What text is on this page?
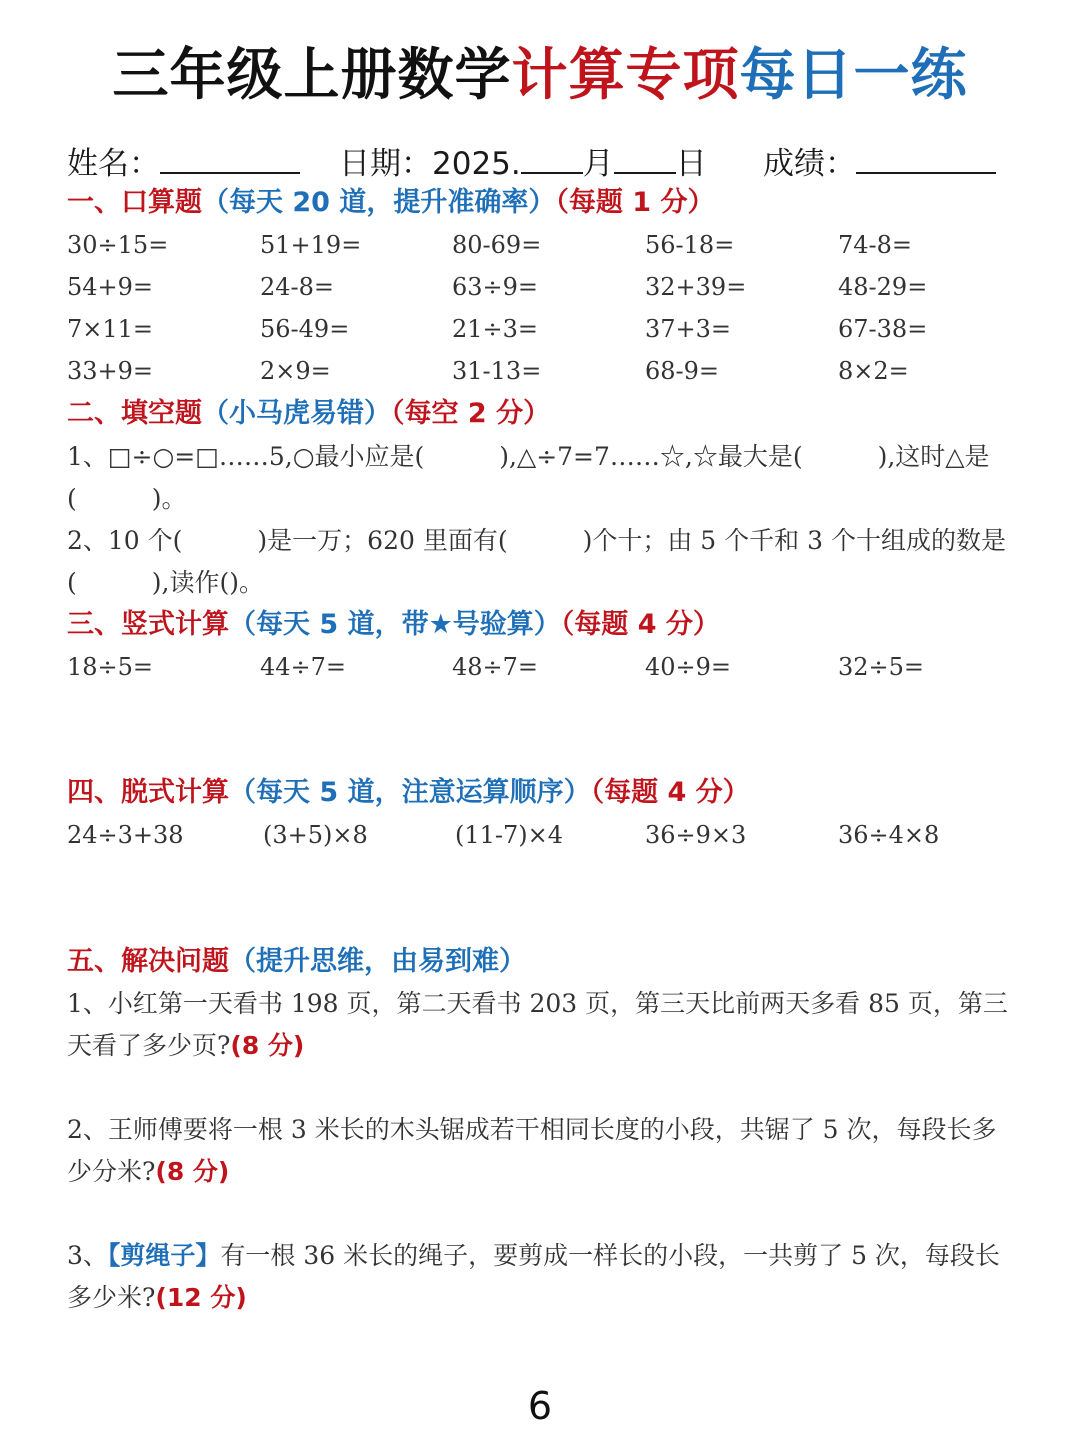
三年级上册数学计算专项每日一练
姓名：	日期：2025. 月 日 成绩：
一、口算题（每天 20 道，提升准确率）（每题 1 分）
30÷15=	51+19=	80-69=	56-18=	74-8=
54+9=	24-8=	63÷9=	32+39=	48-29=
7×11=	56-49=	21÷3=	37+3=	67-38=
33+9=	2×9=	31-13=	68-9=	8×2=
二、填空题（小马虎易错）（每空 2 分）
1、□÷○=□……5,○最小应是(　　　),△÷7=7……☆,☆最大是(　　　),这时△是(　　　)。
2、10 个(　　　)是一万；620 里面有(　　　)个十；由 5 个千和 3 个十组成的数是(　　　),读作()。
三、竖式计算（每天 5 道，带★号验算）（每题 4 分）
18÷5=	44÷7=	48÷7=	40÷9=	32÷5=
四、脱式计算（每天 5 道，注意运算顺序）（每题 4 分）
24÷3+38	(3+5)×8	(11-7)×4	36÷9×3	36÷4×8
五、解决问题（提升思维，由易到难）
1、小红第一天看书 198 页，第二天看书 203 页，第三天比前两天多看 85 页，第三天看了多少页?(8 分)
2、王师傅要将一根 3 米长的木头锯成若干相同长度的小段，共锯了 5 次，每段长多少分米?(8 分)
3、【剪绳子】有一根 36 米长的绳子，要剪成一样长的小段，一共剪了 5 次，每段长多少米?(12 分)
6
